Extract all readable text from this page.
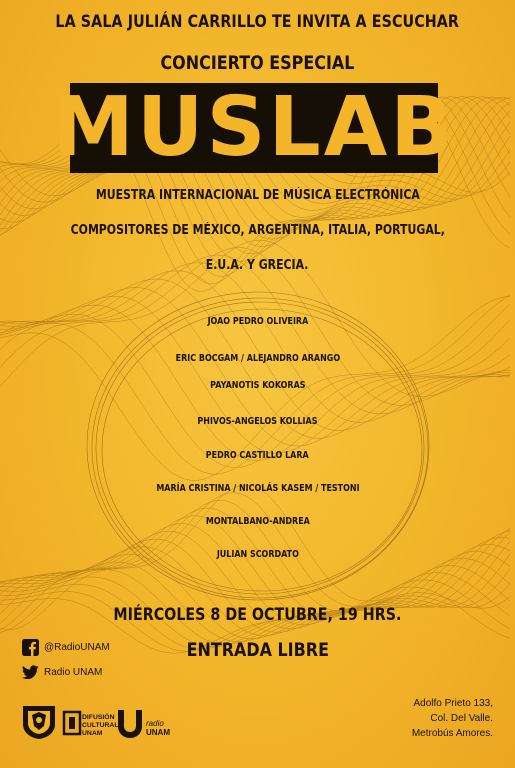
LA SALA JULIÁN CARRILLO TE INVITA A ESCUCHAR
CONCIERTO ESPECIAL
MUSLAB
MUESTRA INTERNACIONAL DE MÚSICA ELECTRÓNICA
COMPOSITORES DE MÉXICO, ARGENTINA, ITALIA, PORTUGAL,
E.U.A. Y GRECIA.
JOAO PEDRO OLIVEIRA
ERIC BOCGAM / ALEJANDRO ARANGO
PAYANOTIS KOKORAS
PHIVOS-ANGELOS KOLLIAS
PEDRO CASTILLO LARA
MARÍA CRISTINA / NICOLÁS KASEM / TESTONI
MONTALBANO-ANDREA
JULIAN SCORDATO
MIÉRCOLES 8 DE OCTUBRE, 19 HRS.
ENTRADA LIBRE
@RadioUNAM
Radio UNAM
DIFUSIÓN
CULTURAL
UNAM
radio
UNAM
Adolfo Prieto 133,
Col. Del Valle.
Metrobús Amores.
